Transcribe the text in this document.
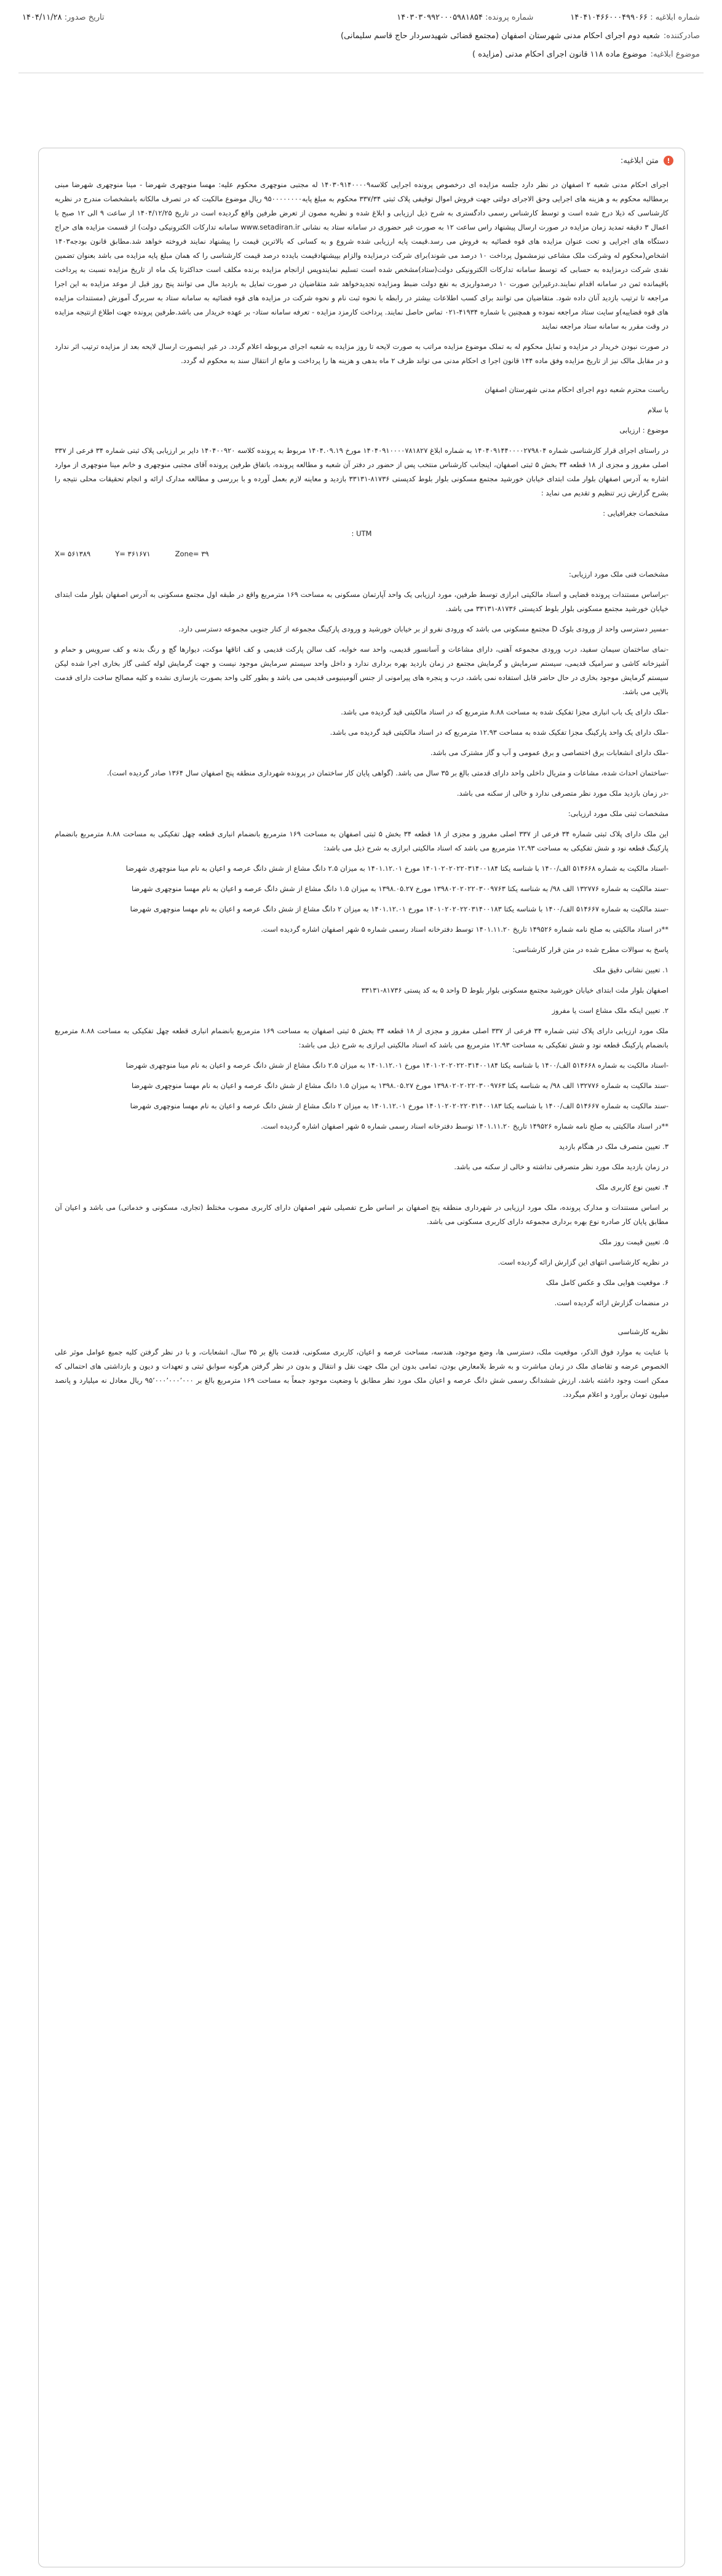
شماره ابلاغیه : ۱۴۰۴۱۰۴۶۶۰۰۰۴۹۹۰۶۶
شماره پرونده: ۱۴۰۳۰۳۰۹۹۲۰۰۰۵۹۸۱۸۵۴
تاریخ صدور: ۱۴۰۴/۱۱/۲۸
صادرکننده:
شعبه دوم اجرای احکام مدنی شهرستان اصفهان (مجتمع قضائی شهیدسردار حاج قاسم سلیمانی)
موضوع ابلاغیه:
موضوع ماده ۱۱۸ قانون اجرای احکام مدنی (مزایده )
!
متن ابلاغیه:

اجرای احکام مدنی شعبه ۲ اصفهان در نظر دارد جلسه مزایده ای درخصوص پرونده اجرایی کلاسه۱۴۰۳۰۹۱۴۰۰۰۰۹ له مجتبی منوچهری محکوم علیه: مهسا منوچهری شهرضا - مینا منوچهری شهرضا مبنی برمطالبه محکوم به و هزینه های اجرایی وحق الاجرای دولتی جهت فروش اموال توقیفی پلاک ثبتی ۳۳۷/۳۴ محکوم به مبلغ پایه۹۵۰۰۰۰۰۰۰۰ ریال موضوع مالکیت که در تصرف مالکانه بامشخصات مندرج در نظریه کارشناسی که ذیلا درج شده است و توسط کارشناس رسمی دادگستری به شرح ذیل ارزیابی و ابلاغ شده و نظریه مصون از تعرض طرفین واقع گردیده است در تاریخ ۱۴۰۴/۱۲/۲۵ از ساعت ۹ الی ۱۲ صبح با اعمال ۳ دقیقه تمدید زمان مزایده در صورت ارسال پیشنهاد راس ساعت ۱۲ به صورت غیر حضوری در سامانه ستاد به نشانی www.setadiran.ir سامانه تدارکات الکترونیکی دولت) از قسمت مزایده های حراج دستگاه های اجرایی و تحت عنوان مزایده های قوه قضائیه به فروش می رسد.قیمت پایه ارزیابی شده شروع و به کسانی که بالاترین قیمت را پیشنهاد نمایند فروخته خواهد شد.مطابق قانون بودجه۱۴۰۳ اشخاص(محکوم له وشرکت ملک مشاعی نیزمشمول پرداخت ۱۰ درصد می شوند)برای شرکت درمزایده والزام بپیشنهادقیمت بایدده درصد قیمت کارشناسی را که همان مبلغ پایه مزایده می باشد بعنوان تضمین نقدی شرکت درمزایده به حسابی که توسط سامانه تدارکات الکترونیکی دولت(ستاد)مشخص شده است تسلیم نمایندوپس ازانجام مزایده برنده مکلف است حداکثرتا یک ماه از تاریخ مزایده نسبت به پرداخت باقیمانده ثمن در سامانه اقدام نمایند.درغیراین صورت ۱۰ درصدواریزی به نفع دولت ضبط ومزایده تجدیدخواهد شد متقاضیان در صورت تمایل به بازدید مال می توانند پنج روز قبل از موعد مزایده به این اجرا مراجعه تا ترتیب بازدید آنان داده شود. متقاضیان می توانند برای کسب اطلاعات بیشتر در رابطه با نحوه ثبت نام و نحوه شرکت در مزایده های قوه قضائیه به سامانه ستاد به سربرگ آموزش (مستندات مزایده های قوه قضاییه)و سایت ستاد مراجعه نموده و همچنین با شماره ۴۱۹۳۴-۰۲۱ تماس حاصل نمایند. پرداخت کارمزد مزایده - تعرفه سامانه ستاد- بر عهده خریدار می باشد.طرفین پرونده جهت اطلاع ازنتیجه مزایده در وقت مقرر به سامانه ستاد مراجعه نمایند

در صورت نبودن خریدار در مزایده و تمایل محکوم له به تملک موضوع مزایده مراتب به صورت لایحه تا روز مزایده به شعبه اجرای مربوطه اعلام گردد. در غیر اینصورت ارسال لایحه بعد از مزایده ترتیب اثر ندارد و در مقابل مالک نیز از تاریخ مزایده وفق ماده ۱۴۴ قانون اجرا ی احکام مدنی می تواند ظرف ۲ ماه بدهی و هزینه ها را پرداخت و مانع از انتقال سند به محکوم له گردد.

ریاست محترم شعبه دوم اجرای احکام مدنی شهرستان اصفهان

با سلام

موضوع : ارزیابی

در راستای اجرای قرار کارشناسی شماره ۱۴۰۴۰۹۱۴۴۰۰۰۰۲۷۹۸۰۴ به شماره ابلاغ ۱۴۰۴۰۹۱۰۰۰۰۷۸۱۸۲۷ مورخ ۱۴۰۴.۰۹.۱۹ مربوط به پرونده کلاسه ۱۴۰۴۰۰۹۲۰ دایر بر ارزیابی پلاک ثبتی شماره ۳۴ فرعی از ۳۳۷ اصلی مفروز و مجزی از ۱۸ قطعه ۳۴ بخش ۵ ثبتی اصفهان، اینجانب کارشناس منتخب پس از حضور در دفتر آن شعبه و مطالعه پرونده، باتفاق طرفین پرونده آقای مجتبی منوچهری و خانم مینا منوچهری از موارد اشاره به آدرس اصفهان بلوار ملت ابتدای خیابان خورشید مجتمع مسکونی بلوار بلوط کدپستی ۸۱۷۳۶-۳۳۱۳۱ بازدید و معاینه لازم بعمل آورده و با بررسی و مطالعه مدارک ارائه و انجام تحقیقات محلی نتیجه را بشرح گزارش زیر تنظیم و تقدیم می نماید :

مشخصات جغرافیایی :

UTM :

X= ۵۶۱۳۸۹	Y= ۳۶۱۶۷۱	Zone= ۳۹

مشخصات فنی ملک مورد ارزیابی:

-براساس مستندات پرونده قضایی و اسناد مالکیتی ابرازی توسط طرفین، مورد ارزیابی یک واحد آپارتمان مسکونی به مساحت ۱۶۹ مترمربع واقع در طبقه اول مجتمع مسکونی به آدرس اصفهان بلوار ملت ابتدای خیابان خورشید مجتمع مسکونی بلوار بلوط کدپستی ۸۱۷۳۶-۳۳۱۳۱ می باشد.

-مسیر دسترسی واحد از ورودی بلوک D مجتمع مسکونی می باشد که ورودی نفرو از بر خیابان خورشید و ورودی پارکینگ مجموعه از کنار جنوبی مجموعه دسترسی دارد.

-نمای ساختمان سیمان سفید، درب ورودی مجموعه آهنی، دارای مشاعات و آسانسور قدیمی، واحد سه خوابه، کف سالن پارکت قدیمی و کف اتاقها موکت، دیوارها گچ و رنگ بدنه و کف سرویس و حمام و آشپزخانه کاشی و سرامیک قدیمی، سیستم سرمایش و گرمایش مجتمع در زمان بازدید بهره برداری ندارد و داخل واحد سیستم سرمایش موجود نیست و جهت گرمایش لوله کشی گاز بخاری اجرا شده لیکن سیستم گرمایش موجود بخاری در حال حاضر قابل استفاده نمی باشد، درب و پنجره های پیرامونی از جنس آلومینیومی قدیمی می باشد و بطور کلی واحد بصورت بازسازی نشده و کلیه مصالح ساخت دارای قدمت بالایی می باشد.

-ملک دارای یک باب انباری مجزا تفکیک شده به مساحت ۸.۸۸ مترمربع که در اسناد مالکیتی قید گردیده می باشد.

-ملک دارای یک واحد پارکینگ مجزا تفکیک شده به مساحت ۱۲.۹۳ مترمربع که در اسناد مالکیتی قید گردیده می باشد.

-ملک دارای انشعابات برق اختصاصی و برق عمومی و آب و گاز مشترک می باشد.

-ساختمان احداث شده، مشاعات و متریال داخلی واحد دارای قدمتی بالغ بر ۳۵ سال می باشد. (گواهی پایان کار ساختمان در پرونده شهرداری منطقه پنج اصفهان سال ۱۳۶۴ صادر گردیده است).

-در زمان بازدید ملک مورد نظر متصرفی ندارد و خالی از سکنه می باشد.

مشخصات ثبتی ملک مورد ارزیابی:

این ملک دارای پلاک ثبتی شماره ۳۴ فرعی از ۳۳۷ اصلی مفروز و مجزی از ۱۸ قطعه ۳۴ بخش ۵ ثبتی اصفهان به مساحت ۱۶۹ مترمربع بانضمام انباری قطعه چهل تفکیکی به مساحت ۸.۸۸ مترمربع بانضمام پارکینگ قطعه نود و شش تفکیکی به مساحت ۱۲.۹۳ مترمربع می باشد که اسناد مالکیتی ابرازی به شرح ذیل می باشد:

-اسناد مالکیت به شماره ۵۱۴۶۶۸ الف/۱۴۰۰ با شناسه یکتا ۱۴۰۱۰۲۰۲۰۲۲۰۳۱۴۰۰۱۸۴ مورخ ۱۴۰۱.۱۲.۰۱ به میزان ۲.۵ دانگ مشاع از شش دانگ عرصه و اعیان به نام مینا منوچهری شهرضا

-سند مالکیت به شماره ۱۳۲۷۷۶ الف ۹۸/ به شناسه یکتا ۱۳۹۸۰۲۰۲۰۲۲۰۳۰۰۹۷۶۳ مورخ ۱۳۹۸.۰۵.۲۷ به میزان ۱.۵ دانگ مشاع از شش دانگ عرصه و اعیان به نام مهسا منوچهری شهرضا

-سند مالکیت به شماره ۵۱۴۶۶۷ الف/۱۴۰۰ با شناسه یکتا ۱۴۰۱۰۲۰۲۰۲۲۰۳۱۴۰۰۱۸۳ مورخ ۱۴۰۱.۱۲.۰۱ به میزان ۲ دانگ مشاع از شش دانگ عرصه و اعیان به نام مهسا منوچهری شهرضا

**در اسناد مالکیتی به صلح نامه شماره ۱۴۹۵۲۶ تاریخ ۱۴۰۱.۱۱.۲۰ توسط دفترخانه اسناد رسمی شماره ۵ شهر اصفهان اشاره گردیده است.

پاسخ به سوالات مطرح شده در متن قرار کارشناسی:

۱. تعیین نشانی دقیق ملک

اصفهان بلوار ملت ابتدای خیابان خورشید مجتمع مسکونی بلوار بلوط D واحد ۵ به کد پستی ۸۱۷۳۶-۳۳۱۳۱

۲. تعیین اینکه ملک مشاع است یا مفروز

ملک مورد ارزیابی دارای پلاک ثبتی شماره ۳۴ فرعی از ۳۳۷ اصلی مفروز و مجزی از ۱۸ قطعه ۳۴ بخش ۵ ثبتی اصفهان به مساحت ۱۶۹ مترمربع بانضمام انباری قطعه چهل تفکیکی به مساحت ۸.۸۸ مترمربع بانضمام پارکینگ قطعه نود و شش تفکیکی به مساحت ۱۲.۹۳ مترمربع می باشد که اسناد مالکیتی ابرازی به شرح ذیل می باشد:

-اسناد مالکیت به شماره ۵۱۴۶۶۸ الف/۱۴۰۰ با شناسه یکتا ۱۴۰۱۰۲۰۲۰۲۲۰۳۱۴۰۰۱۸۴ مورخ ۱۴۰۱.۱۲.۰۱ به میزان ۲.۵ دانگ مشاع از شش دانگ عرصه و اعیان به نام مینا منوچهری شهرضا

-سند مالکیت به شماره ۱۳۲۷۷۶ الف ۹۸/ به شناسه یکتا ۱۳۹۸۰۲۰۲۰۲۲۰۳۰۰۹۷۶۳ مورخ ۱۳۹۸.۰۵.۲۷ به میزان ۱.۵ دانگ مشاع از شش دانگ عرصه و اعیان به نام مهسا منوچهری شهرضا

-سند مالکیت به شماره ۵۱۴۶۶۷ الف/۱۴۰۰ با شناسه یکتا ۱۴۰۱۰۲۰۲۰۲۲۰۳۱۴۰۰۱۸۳ مورخ ۱۴۰۱.۱۲.۰۱ به میزان ۲ دانگ مشاع از شش دانگ عرصه و اعیان به نام مهسا منوچهری شهرضا

**در اسناد مالکیتی به صلح نامه شماره ۱۴۹۵۲۶ تاریخ ۱۴۰۱.۱۱.۲۰ توسط دفترخانه اسناد رسمی شماره ۵ شهر اصفهان اشاره گردیده است.

۳. تعیین متصرف ملک در هنگام بازدید

در زمان بازدید ملک مورد نظر متصرفی نداشته و خالی از سکنه می باشد.

۴. تعیین نوع کاربری ملک

بر اساس مستندات و مدارک پرونده، ملک مورد ارزیابی در شهرداری منطقه پنج اصفهان بر اساس طرح تفصیلی شهر اصفهان دارای کاربری مصوب مختلط (تجاری، مسکونی و خدماتی) می باشد و اعیان آن مطابق پایان کار صادره نوع بهره برداری مجموعه دارای کاربری مسکونی می باشد.

۵. تعیین قیمت روز ملک

در نظریه کارشناسی انتهای این گزارش ارائه گردیده است.

۶. موقعیت هوایی ملک و عکس کامل ملک

در منضمات گزارش ارائه گردیده است.

نظریه کارشناسی

با عنایت به موارد فوق الذکر، موقعیت ملک، دسترسی ها، وضع موجود، هندسه، مساحت عرصه و اعیان، کاربری مسکونی، قدمت بالغ بر ۳۵ سال، انشعابات، و با در نظر گرفتن کلیه جمیع عوامل موثر علی الخصوص عرضه و تقاضای ملک در زمان مباشرت و به شرط بلامعارض بودن، تمامی بدون این ملک جهت نقل و انتقال و بدون در نظر گرفتن هرگونه سوابق ثبتی و تعهدات و دیون و بازداشتی های احتمالی که ممکن است وجود داشته باشد، ارزش ششدانگ رسمی شش دانگ عرصه و اعیان ملک مورد نظر مطابق با وضعیت موجود جمعاً به مساحت ۱۶۹ مترمربع بالغ بر ۹۵٬۰۰۰٬۰۰۰٬۰۰۰ ریال معادل نه میلیارد و پانصد میلیون تومان برآورد و اعلام میگردد.
